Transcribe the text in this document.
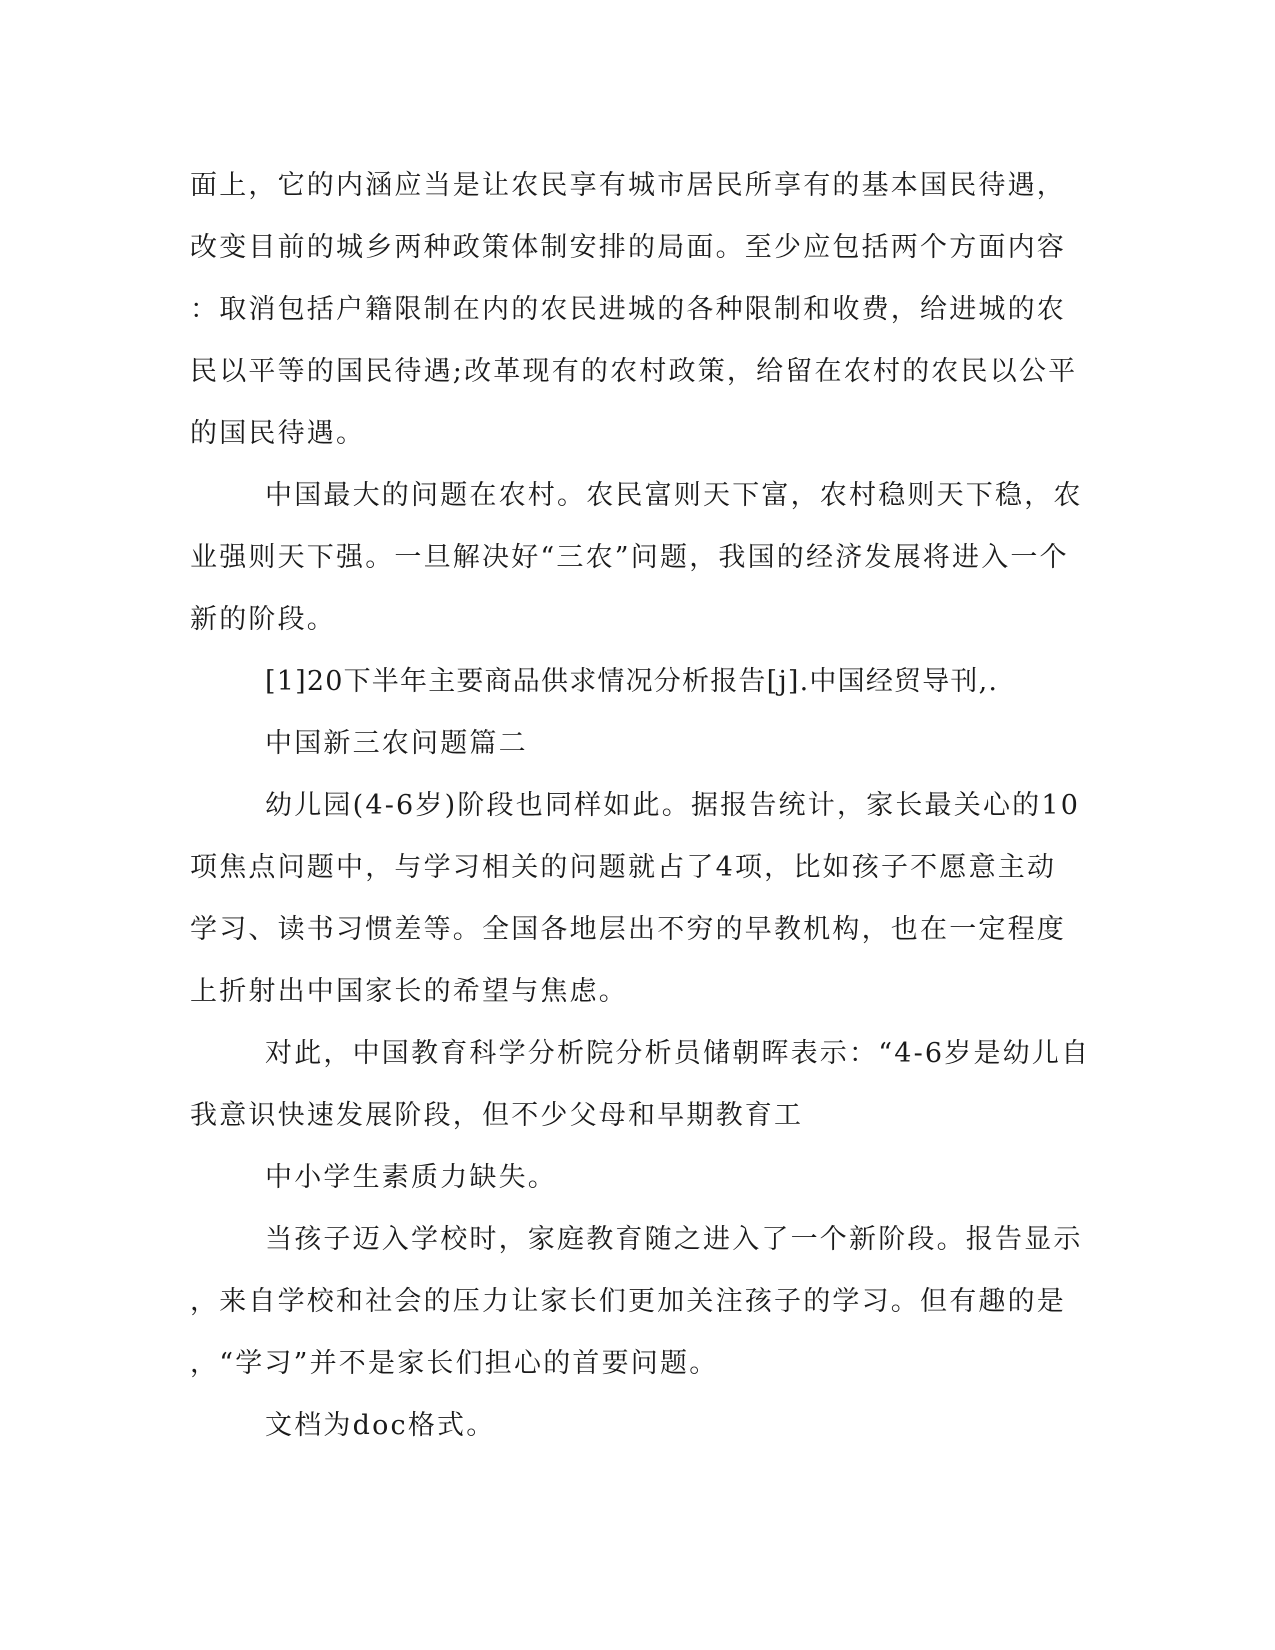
面上，它的内涵应当是让农民享有城市居民所享有的基本国民待遇，
改变目前的城乡两种政策体制安排的局面。至少应包括两个方面内容
：取消包括户籍限制在内的农民进城的各种限制和收费，给进城的农
民以平等的国民待遇;改革现有的农村政策，给留在农村的农民以公平
的国民待遇。
中国最大的问题在农村。农民富则天下富，农村稳则天下稳，农
业强则天下强。一旦解决好“三农”问题，我国的经济发展将进入一个
新的阶段。
[1]20下半年主要商品供求情况分析报告[j].中国经贸导刊,.
中国新三农问题篇二
幼儿园(4-6岁)阶段也同样如此。据报告统计，家长最关心的10
项焦点问题中，与学习相关的问题就占了4项，比如孩子不愿意主动
学习、读书习惯差等。全国各地层出不穷的早教机构，也在一定程度
上折射出中国家长的希望与焦虑。
对此，中国教育科学分析院分析员储朝晖表示：“4-6岁是幼儿自
我意识快速发展阶段，但不少父母和早期教育工
中小学生素质力缺失。
当孩子迈入学校时，家庭教育随之进入了一个新阶段。报告显示
，来自学校和社会的压力让家长们更加关注孩子的学习。但有趣的是
，“学习”并不是家长们担心的首要问题。
文档为doc格式。
